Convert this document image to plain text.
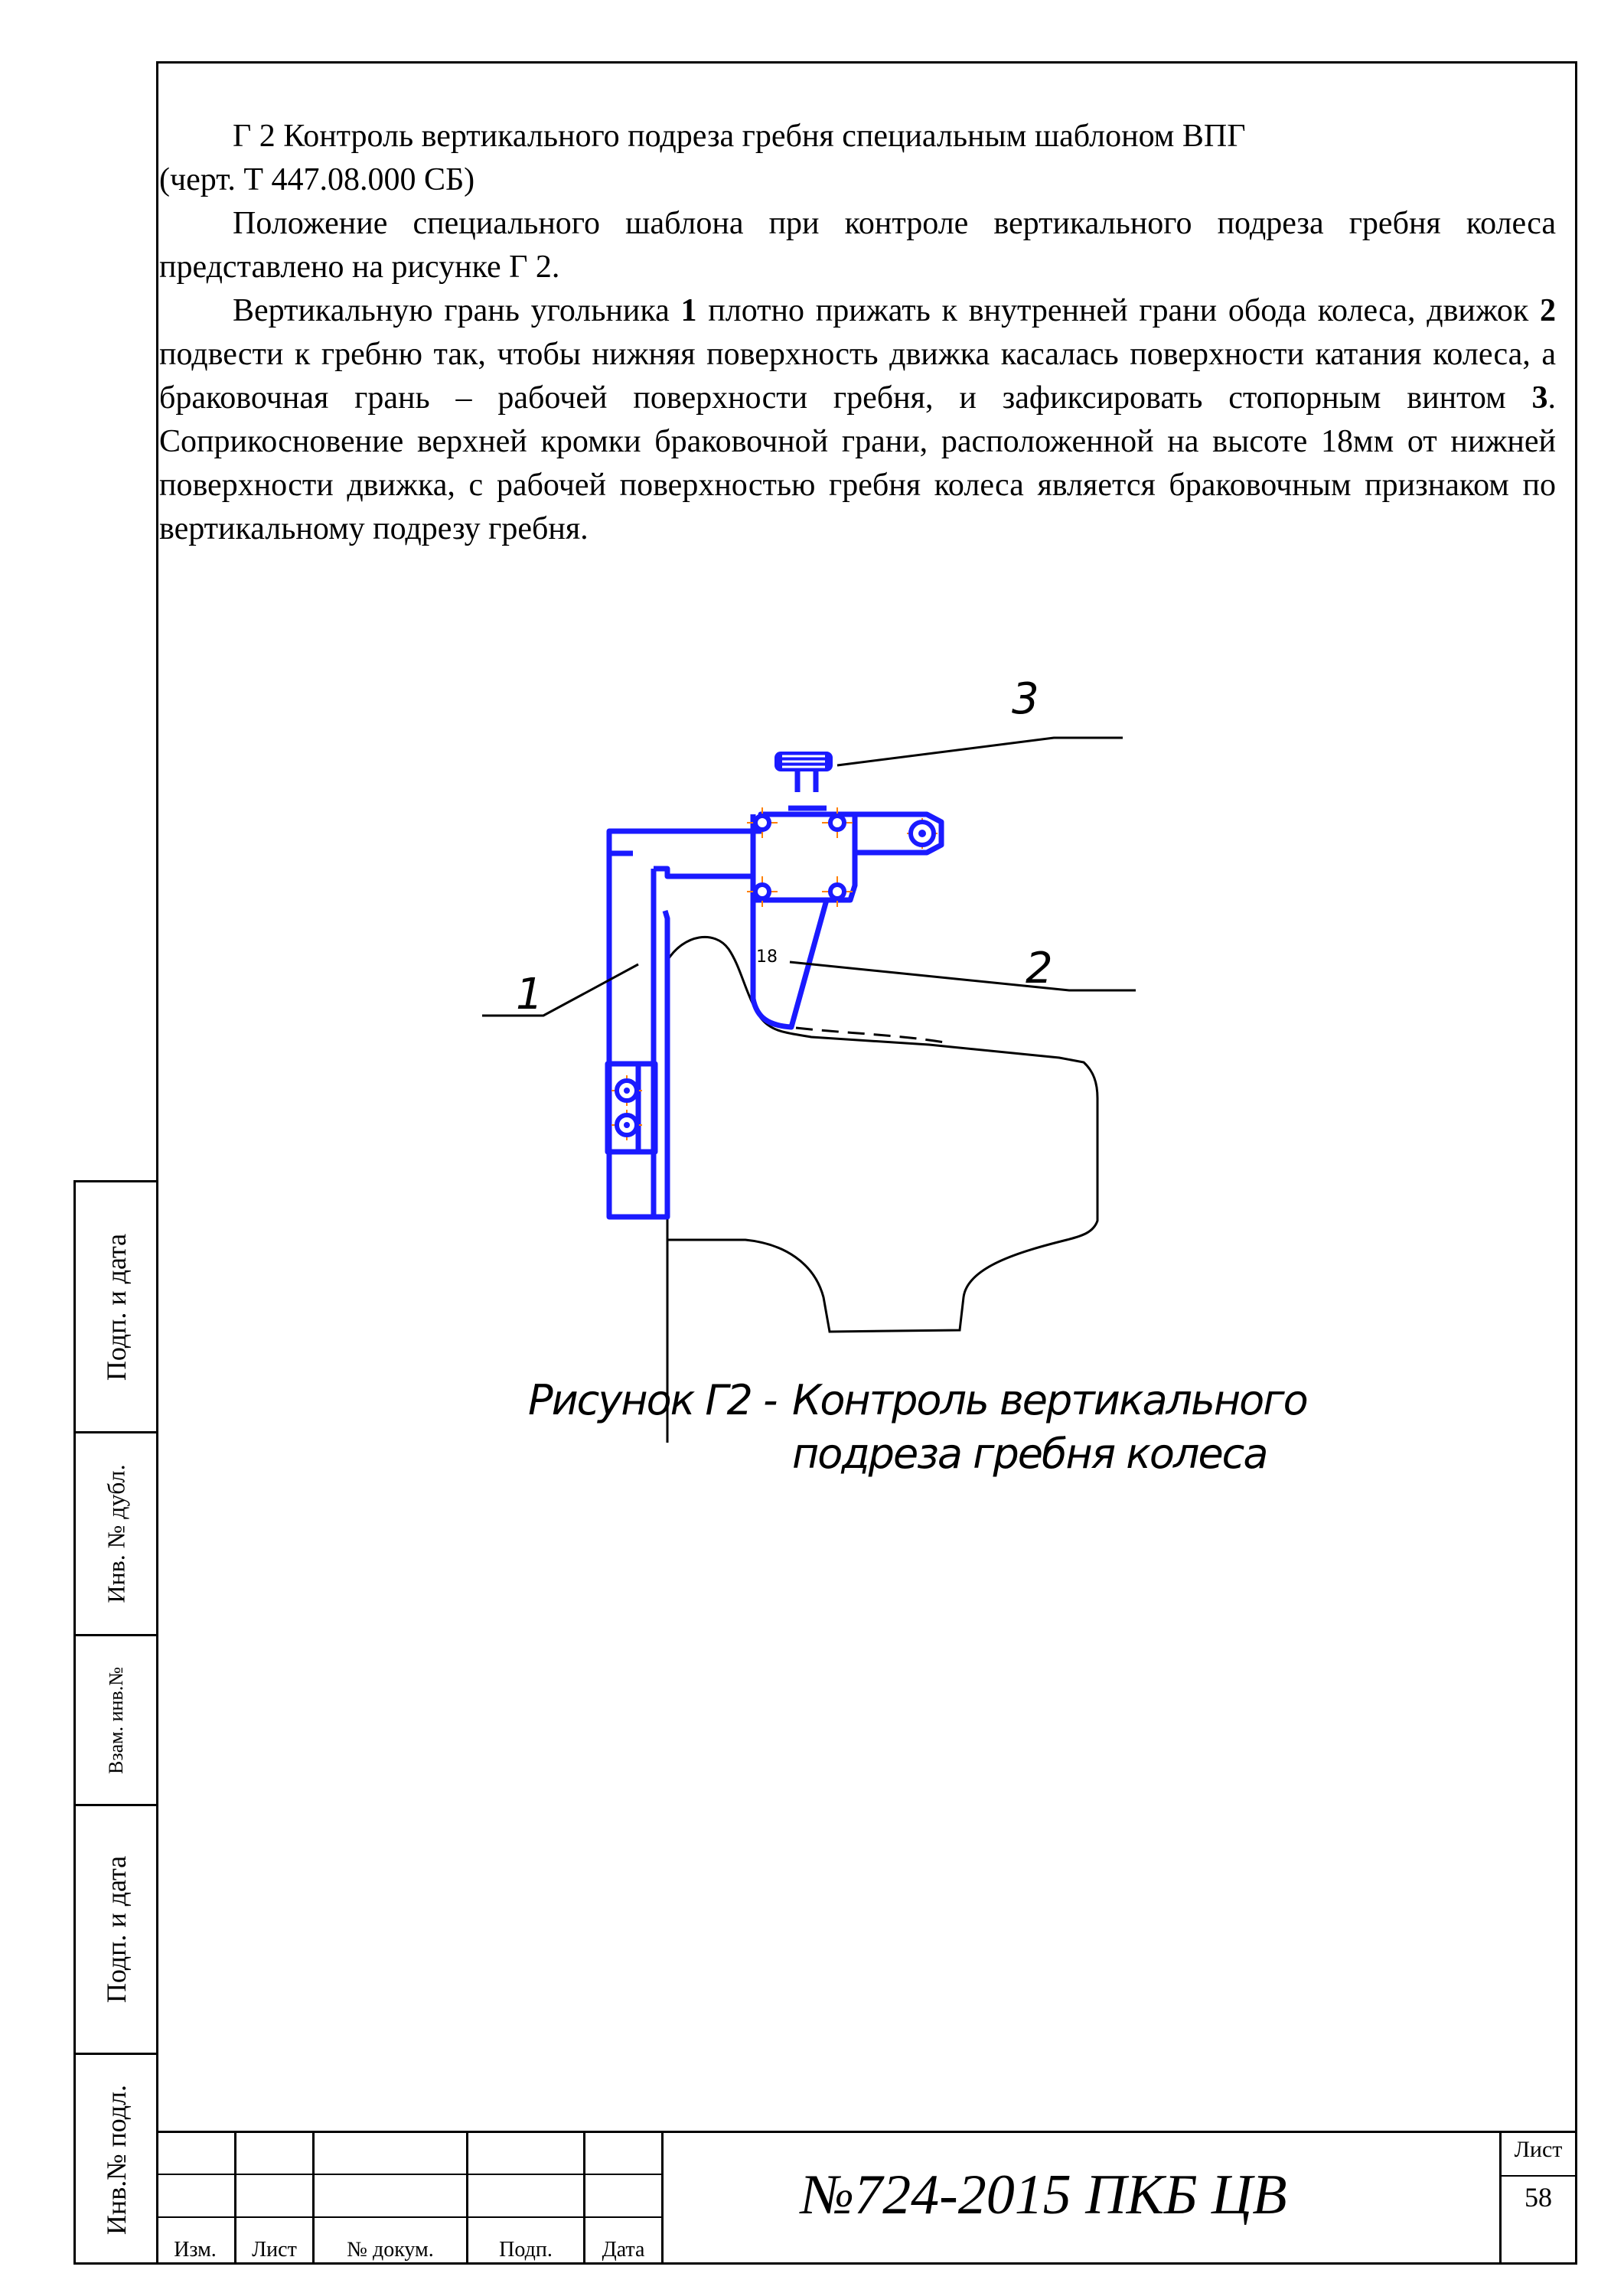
Г 2 Контроль вертикального подреза гребня специальным шаблоном ВПГ
(черт. Т 447.08.000 СБ)

Положение специального шаблона при контроле вертикального подреза гребня колеса представлено на рисунке Г 2.

Вертикальную грань угольника 1 плотно прижать к внутренней грани обода колеса, движок 2 подвести к гребню так, чтобы нижняя поверхность движка касалась поверхности катания колеса, а браковочная грань – рабочей поверхности гребня, и зафиксировать стопорным винтом 3. Соприкосновение верхней кромки браковочной грани, расположенной на высоте 18мм от нижней поверхности движка, с рабочей поверхностью гребня колеса является браковочным признаком по вертикальному подрезу гребня.

1
2
3
18
Рисунок Г2 - Контроль вертикального
подреза гребня колеса
Подп. и дата
Инв. № дубл.
Взам. инв.№
Подп. и дата
Инв.№ подл.
Изм.	Лист	№ докум.	Подп.	Дата
№724-2015 ПКБ ЦВ
Лист
58
